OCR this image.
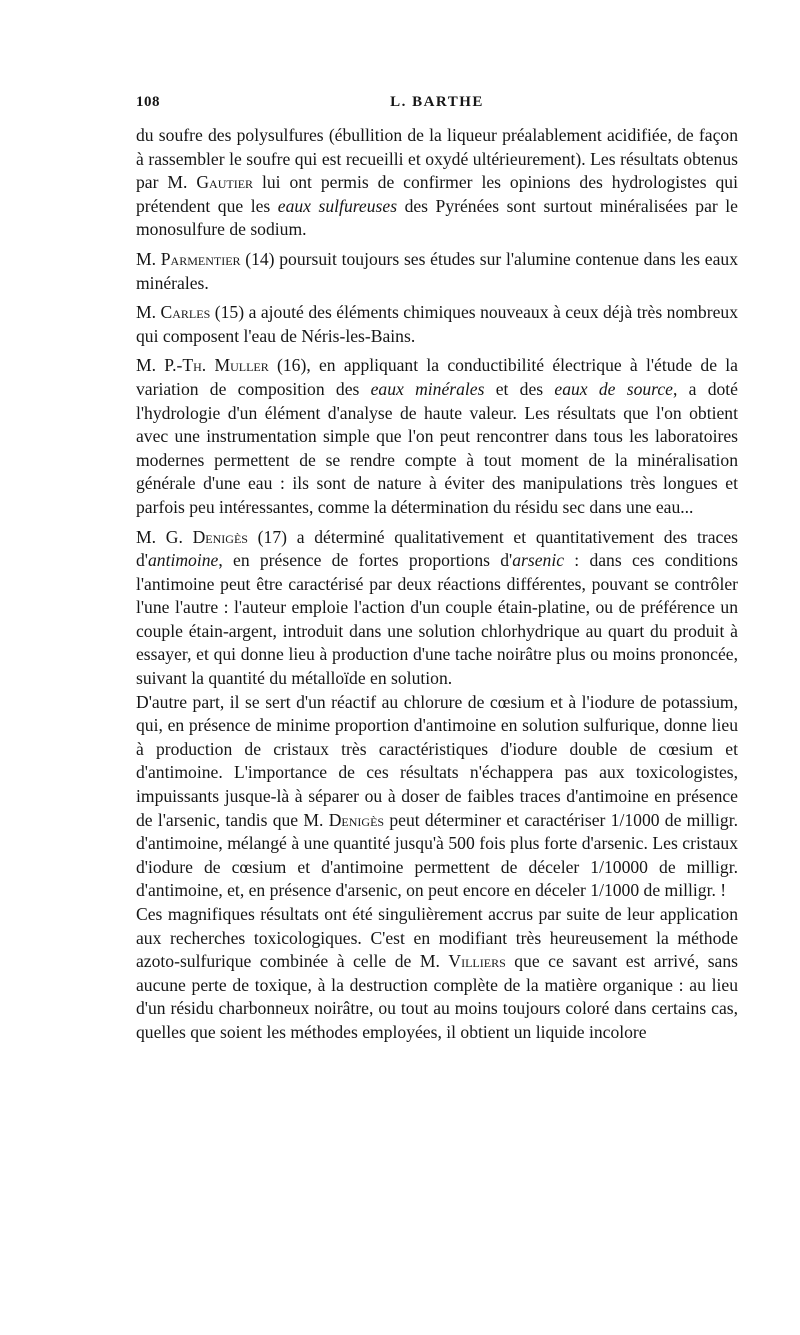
108	L. BARTHE

du soufre des polysulfures (ébullition de la liqueur préalablement acidifiée, de façon à rassembler le soufre qui est recueilli et oxydé ultérieurement). Les résultats obtenus par M. Gautier lui ont permis de confirmer les opinions des hydrologistes qui prétendent que les eaux sulfureuses des Pyrénées sont surtout minéralisées par le monosulfure de sodium.

M. Parmentier (14) poursuit toujours ses études sur l'alumine contenue dans les eaux minérales.

M. Carles (15) a ajouté des éléments chimiques nouveaux à ceux déjà très nombreux qui composent l'eau de Néris-les-Bains.

M. P.-Th. Muller (16), en appliquant la conductibilité électrique à l'étude de la variation de composition des eaux minérales et des eaux de source, a doté l'hydrologie d'un élément d'analyse de haute valeur. Les résultats que l'on obtient avec une instrumentation simple que l'on peut rencontrer dans tous les laboratoires modernes permettent de se rendre compte à tout moment de la minéralisation générale d'une eau : ils sont de nature à éviter des manipulations très longues et parfois peu intéressantes, comme la détermination du résidu sec dans une eau...

M. G. Denigès (17) a déterminé qualitativement et quantitativement des traces d'antimoine, en présence de fortes proportions d'arsenic : dans ces conditions l'antimoine peut être caractérisé par deux réactions différentes, pouvant se contrôler l'une l'autre : l'auteur emploie l'action d'un couple étain-platine, ou de préférence un couple étain-argent, introduit dans une solution chlorhydrique au quart du produit à essayer, et qui donne lieu à production d'une tache noirâtre plus ou moins prononcée, suivant la quantité du métalloïde en solution.

D'autre part, il se sert d'un réactif au chlorure de cœsium et à l'iodure de potassium, qui, en présence de minime proportion d'antimoine en solution sulfurique, donne lieu à production de cristaux très caractéristiques d'iodure double de cœsium et d'antimoine. L'importance de ces résultats n'échappera pas aux toxicologistes, impuissants jusque-là à séparer ou à doser de faibles traces d'antimoine en présence de l'arsenic, tandis que M. Denigès peut déterminer et caractériser 1/1000 de milligr. d'antimoine, mélangé à une quantité jusqu'à 500 fois plus forte d'arsenic. Les cristaux d'iodure de cœsium et d'antimoine permettent de déceler 1/10000 de milligr. d'antimoine, et, en présence d'arsenic, on peut encore en déceler 1/1000 de milligr. !

Ces magnifiques résultats ont été singulièrement accrus par suite de leur application aux recherches toxicologiques. C'est en modifiant très heureusement la méthode azoto-sulfurique combinée à celle de M. Villiers que ce savant est arrivé, sans aucune perte de toxique, à la destruction complète de la matière organique : au lieu d'un résidu charbonneux noirâtre, ou tout au moins toujours coloré dans certains cas, quelles que soient les méthodes employées, il obtient un liquide incolore
